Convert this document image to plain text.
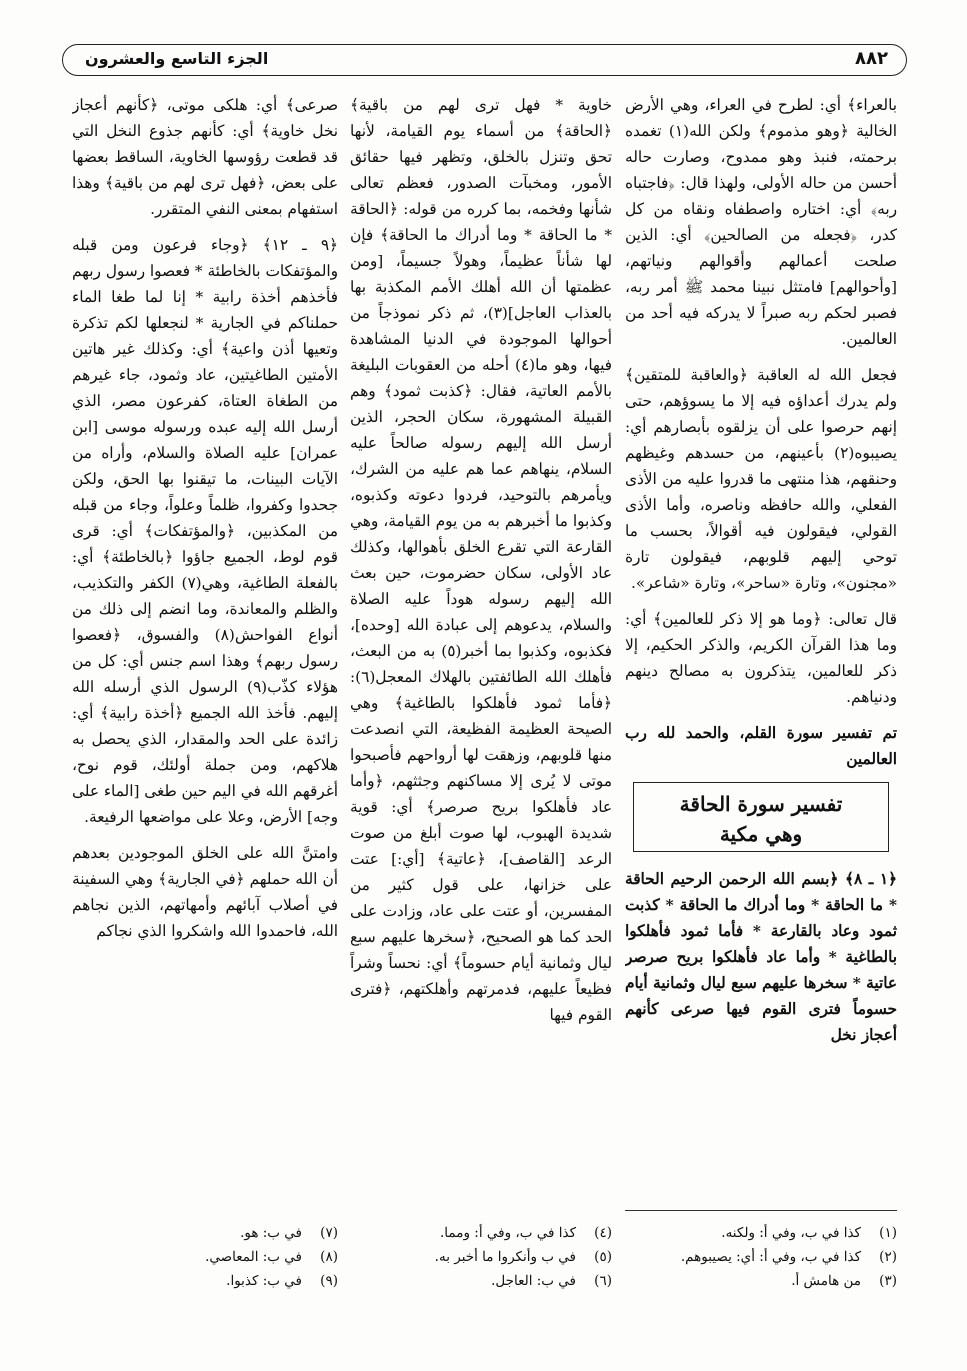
٨٨٢
الجزء التاسع والعشرون

بالعراء﴾ أي: لطرح في العراء، وهي الأرض الخالية ﴿وهو مذموم﴾ ولكن الله(١) تغمده برحمته، فنبذ وهو ممدوح، وصارت حاله أحسن من حاله الأولى، ولهذا قال: ﴿فاجتباه ربه﴾ أي: اختاره واصطفاه ونقاه من كل كدر، ﴿فجعله من الصالحين﴾ أي: الذين صلحت أعمالهم وأقوالهم ونياتهم، [وأحوالهم] فامتثل نبينا محمد ﷺ أمر ربه، فصبر لحكم ربه صبراً لا يدركه فيه أحد من العالمين.

فجعل الله له العاقبة ﴿والعاقبة للمتقين﴾ ولم يدرك أعداؤه فيه إلا ما يسوؤهم، حتى إنهم حرصوا على أن يزلقوه بأبصارهم أي: يصيبوه(٢) بأعينهم، من حسدهم وغيظهم وحنقهم، هذا منتهى ما قدروا عليه من الأذى الفعلي، والله حافظه وناصره، وأما الأذى القولي، فيقولون فيه أقوالاً، بحسب ما توحي إليهم قلوبهم، فيقولون تارة «مجنون»، وتارة «ساحر»، وتارة «شاعر».

قال تعالى: ﴿وما هو إلا ذكر للعالمين﴾ أي: وما هذا القرآن الكريم، والذكر الحكيم، إلا ذكر للعالمين، يتذكرون به مصالح دينهم ودنياهم.

تم تفسير سورة القلم، والحمد لله رب العالمين

تفسير سورة الحاقة
وهي مكية

﴿١ ـ ٨﴾ ﴿بسم الله الرحمن الرحيم الحاقة * ما الحاقة * وما أدراك ما الحاقة * كذبت ثمود وعاد بالقارعة * فأما ثمود فأهلكوا بالطاغية * وأما عاد فأهلكوا بريح صرصر عاتية * سخرها عليهم سبع ليال وثمانية أيام حسوماً فترى القوم فيها صرعى كأنهم أعجاز نخل

خاوية * فهل ترى لهم من باقية﴾ ﴿الحاقة﴾ من أسماء يوم القيامة، لأنها تحق وتنزل بالخلق، وتظهر فيها حقائق الأمور، ومخبآت الصدور، فعظم تعالى شأنها وفخمه، بما كرره من قوله: ﴿الحاقة * ما الحاقة * وما أدراك ما الحاقة﴾ فإن لها شأناً عظيماً، وهولاً جسيماً، [ومن عظمتها أن الله أهلك الأمم المكذبة بها بالعذاب العاجل](٣)، ثم ذكر نموذجاً من أحوالها الموجودة في الدنيا المشاهدة فيها، وهو ما(٤) أحله من العقوبات البليغة بالأمم العاتية، فقال: ﴿كذبت ثمود﴾ وهم القبيلة المشهورة، سكان الحجر، الذين أرسل الله إليهم رسوله صالحاً عليه السلام، ينهاهم عما هم عليه من الشرك، ويأمرهم بالتوحيد، فردوا دعوته وكذبوه، وكذبوا ما أخبرهم به من يوم القيامة، وهي القارعة التي تقرع الخلق بأهوالها، وكذلك عاد الأولى، سكان حضرموت، حين بعث الله إليهم رسوله هوداً عليه الصلاة والسلام، يدعوهم إلى عبادة الله [وحده]، فكذبوه، وكذبوا بما أخبر(٥) به من البعث، فأهلك الله الطائفتين بالهلاك المعجل(٦): ﴿فأما ثمود فأهلكوا بالطاغية﴾ وهي الصيحة العظيمة الفظيعة، التي انصدعت منها قلوبهم، وزهقت لها أرواحهم فأصبحوا موتى لا يُرى إلا مساكنهم وجثثهم، ﴿وأما عاد فأهلكوا بريح صرصر﴾ أي: قوية شديدة الهبوب، لها صوت أبلغ من صوت الرعد [القاصف]، ﴿عاتية﴾ [أي:] عتت على خزانها، على قول كثير من المفسرين، أو عتت على عاد، وزادت على الحد كما هو الصحيح، ﴿سخرها عليهم سبع ليال وثمانية أيام حسوماً﴾ أي: نحساً وشراً فظيعاً عليهم، فدمرتهم وأهلكتهم، ﴿فترى القوم فيها

صرعى﴾ أي: هلكى موتى، ﴿كأنهم أعجاز نخل خاوية﴾ أي: كأنهم جذوع النخل التي قد قطعت رؤوسها الخاوية، الساقط بعضها على بعض، ﴿فهل ترى لهم من باقية﴾ وهذا استفهام بمعنى النفي المتقرر.

﴿٩ ـ ١٢﴾ ﴿وجاء فرعون ومن قبله والمؤتفكات بالخاطئة * فعصوا رسول ربهم فأخذهم أخذة رابية * إنا لما طغا الماء حملناكم في الجارية * لنجعلها لكم تذكرة وتعيها أذن واعية﴾ أي: وكذلك غير هاتين الأمتين الطاغيتين، عاد وثمود، جاء غيرهم من الطغاة العتاة، كفرعون مصر، الذي أرسل الله إليه عبده ورسوله موسى [ابن عمران] عليه الصلاة والسلام، وأراه من الآيات البينات، ما تيقنوا بها الحق، ولكن جحدوا وكفروا، ظلماً وعلواً، وجاء من قبله من المكذبين، ﴿والمؤتفكات﴾ أي: قرى قوم لوط، الجميع جاؤوا ﴿بالخاطئة﴾ أي: بالفعلة الطاغية، وهي(٧) الكفر والتكذيب، والظلم والمعاندة، وما انضم إلى ذلك من أنواع الفواحش(٨) والفسوق، ﴿فعصوا رسول ربهم﴾ وهذا اسم جنس أي: كل من هؤلاء كذّب(٩) الرسول الذي أرسله الله إليهم. فأخذ الله الجميع ﴿أخذة رابية﴾ أي: زائدة على الحد والمقدار، الذي يحصل به هلاكهم، ومن جملة أولئك، قوم نوح، أغرقهم الله في اليم حين طغى [الماء على وجه] الأرض، وعلا على مواضعها الرفيعة.

وامتنَّ الله على الخلق الموجودين بعدهم أن الله حملهم ﴿في الجارية﴾ وهي السفينة في أصلاب آبائهم وأمهاتهم، الذين نجاهم الله، فاحمدوا الله واشكروا الذي نجاكم

(١)
كذا في ب، وفي أ: ولكنه.
(٢)
كذا في ب، وفي أ: أي: يصيبوهم.
(٣)
من هامش أ.
(٤)
كذا في ب، وفي أ: ومما.
(٥)
في ب وأنكروا ما أخبر به.
(٦)
في ب: العاجل.
(٧)
في ب: هو.
(٨)
في ب: المعاصي.
(٩)
في ب: كذبوا.
